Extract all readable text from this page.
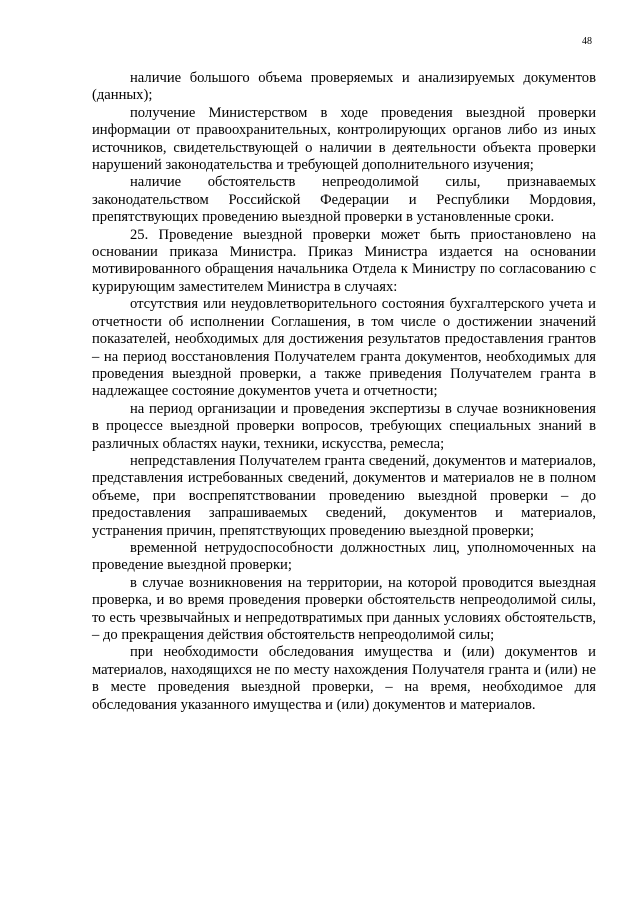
48

наличие большого объема проверяемых и анализируемых документов (данных);

получение Министерством в ходе проведения выездной проверки информации от правоохранительных, контролирующих органов либо из иных источников, свидетельствующей о наличии в деятельности объекта проверки нарушений законодательства и требующей дополнительного изучения;

наличие обстоятельств непреодолимой силы, признаваемых законодательством Российской Федерации и Республики Мордовия, препятствующих проведению выездной проверки в установленные сроки.

25. Проведение выездной проверки может быть приостановлено на основании приказа Министра. Приказ Министра издается на основании мотивированного обращения начальника Отдела к Министру по согласованию с курирующим заместителем Министра в случаях:

отсутствия или неудовлетворительного состояния бухгалтерского учета и отчетности об исполнении Соглашения, в том числе о достижении значений показателей, необходимых для достижения результатов предоставления грантов – на период восстановления Получателем гранта документов, необходимых для проведения выездной проверки, а также приведения Получателем гранта в надлежащее состояние документов учета и отчетности;

на период организации и проведения экспертизы в случае возникновения в процессе выездной проверки вопросов, требующих специальных знаний в различных областях науки, техники, искусства, ремесла;

непредставления Получателем гранта сведений, документов и материалов, представления истребованных сведений, документов и материалов не в полном объеме, при воспрепятствовании проведению выездной проверки – до предоставления запрашиваемых сведений, документов и материалов, устранения причин, препятствующих проведению выездной проверки;

временной нетрудоспособности должностных лиц, уполномоченных на проведение выездной проверки;

в случае возникновения на территории, на которой проводится выездная проверка, и во время проведения проверки обстоятельств непреодолимой силы, то есть чрезвычайных и непредотвратимых при данных условиях обстоятельств, – до прекращения действия обстоятельств непреодолимой силы;

при необходимости обследования имущества и (или) документов и материалов, находящихся не по месту нахождения Получателя гранта и (или) не в месте проведения выездной проверки, – на время, необходимое для обследования указанного имущества и (или) документов и материалов.
